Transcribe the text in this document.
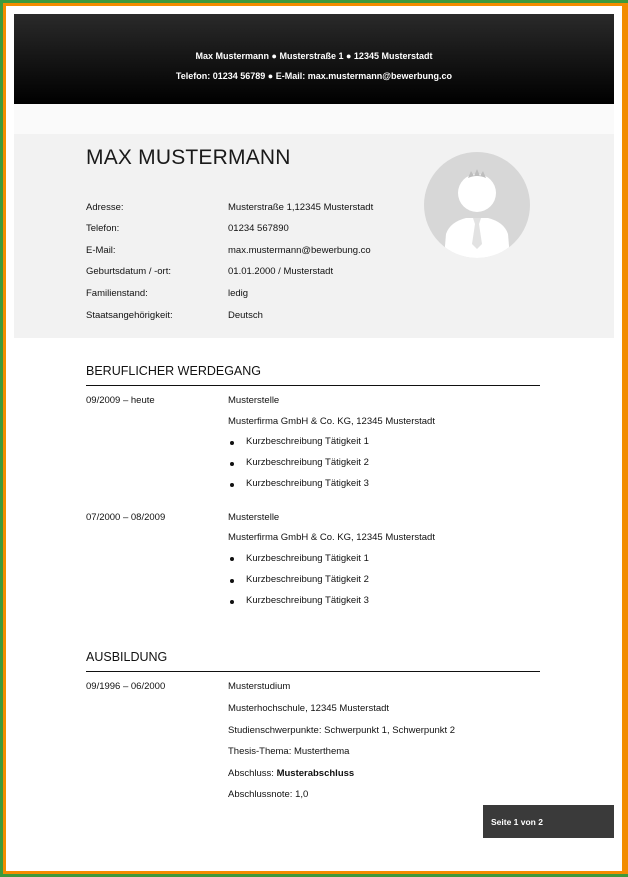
Max Mustermann ● Musterstraße 1 ● 12345 Musterstadt
Telefon: 01234 56789 ● E-Mail: max.mustermann@bewerbung.co
MAX MUSTERMANN
Adresse:	Musterstraße 1,12345 Musterstadt
Telefon:	01234 567890
E-Mail:	max.mustermann@bewerbung.co
Geburtsdatum / -ort:	01.01.2000 / Musterstadt
Familienstand:	ledig
Staatsangehörigkeit:	Deutsch
BERUFLICHER WERDEGANG
09/2009 – heute	Musterstelle
Musterfirma GmbH & Co. KG, 12345 Musterstadt
Kurzbeschreibung Tätigkeit 1
Kurzbeschreibung Tätigkeit 2
Kurzbeschreibung Tätigkeit 3
07/2000 – 08/2009	Musterstelle
Musterfirma GmbH & Co. KG, 12345 Musterstadt
Kurzbeschreibung Tätigkeit 1
Kurzbeschreibung Tätigkeit 2
Kurzbeschreibung Tätigkeit 3
AUSBILDUNG
09/1996 – 06/2000	Musterstudium
Musterhochschule, 12345 Musterstadt
Studienschwerpunkte: Schwerpunkt 1, Schwerpunkt 2
Thesis-Thema: Musterthema
Abschluss: Musterabschluss
Abschlussnote: 1,0
Seite 1 von 2
